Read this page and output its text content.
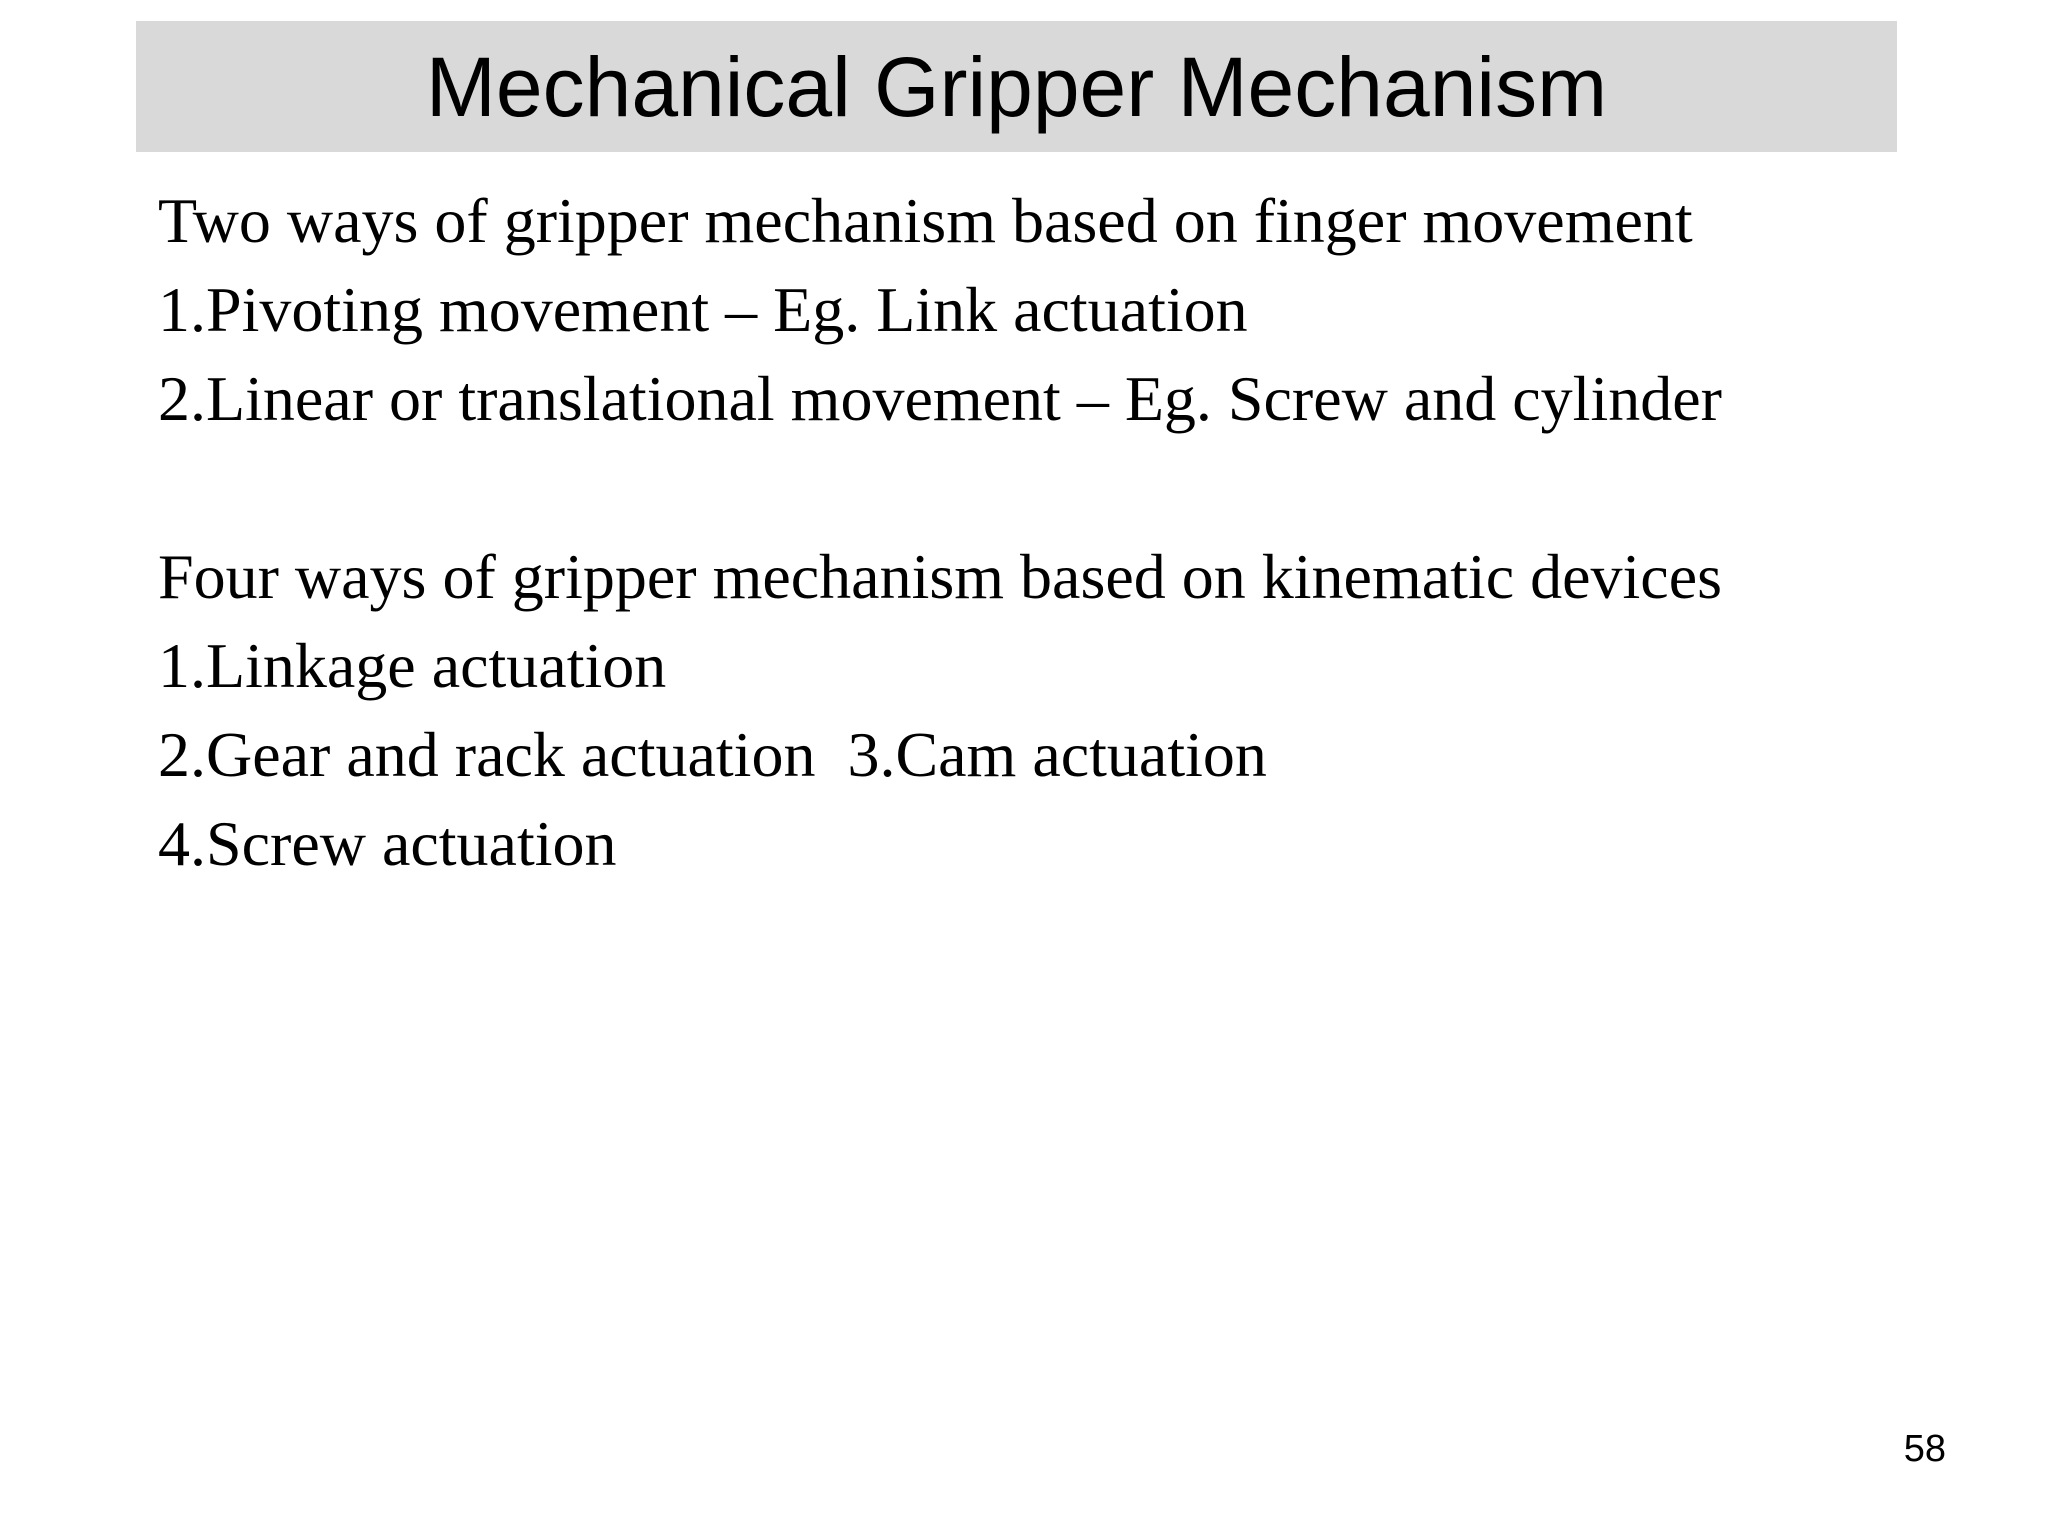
Mechanical Gripper Mechanism
Two ways of gripper mechanism based on finger movement
1.Pivoting movement – Eg. Link actuation
2.Linear or translational movement – Eg. Screw and cylinder
Four ways of gripper mechanism based on kinematic devices
1.Linkage actuation
2.Gear and rack actuation  3.Cam actuation
4.Screw actuation
58
